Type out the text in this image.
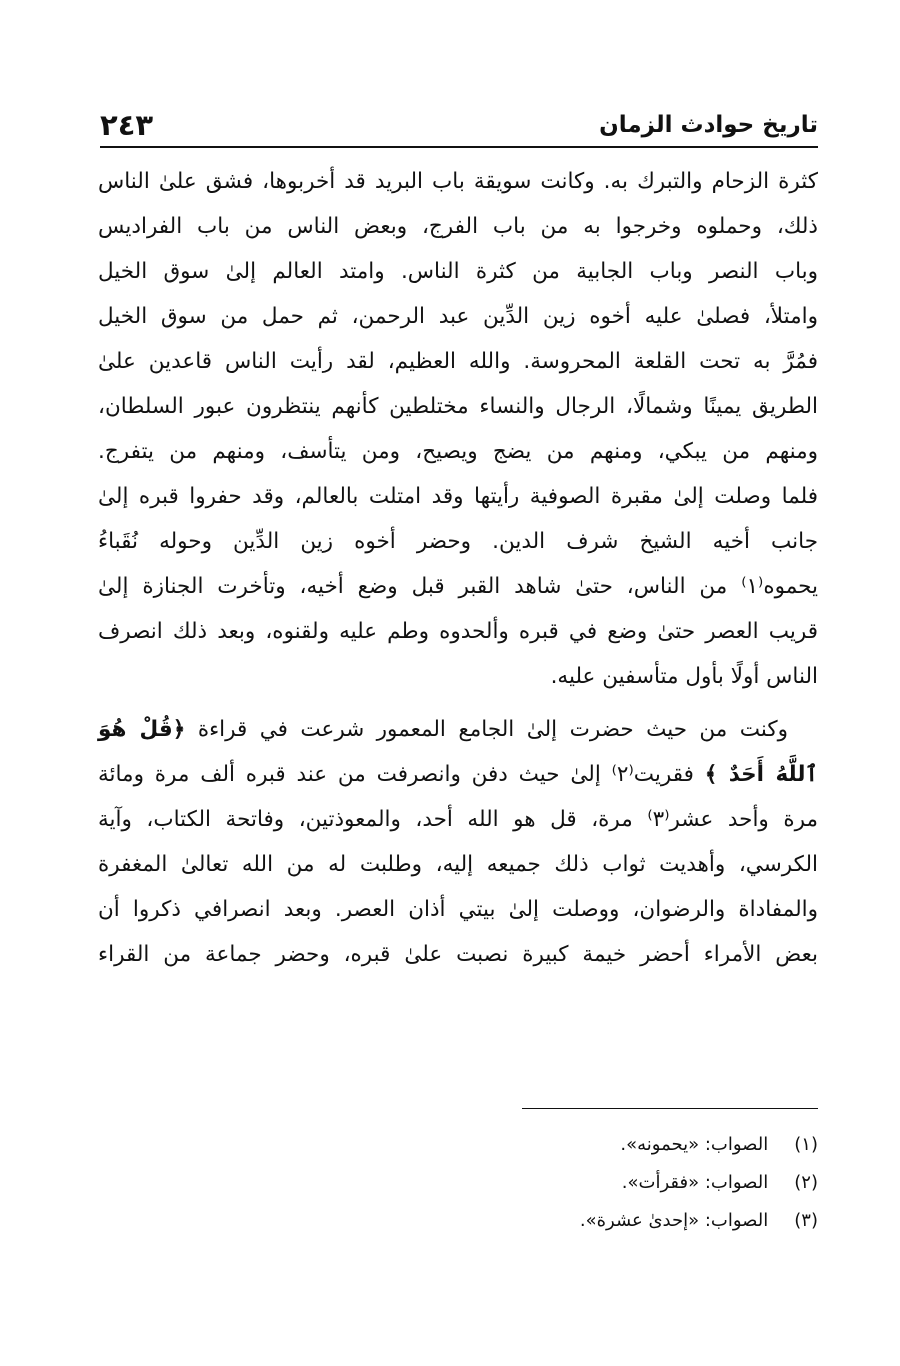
تاريخ حوادث الزمان
٢٤٣
كثرة الزحام والتبرك به. وكانت سويقة باب البريد قد أخربوها، فشق علىٰ الناس
ذلك، وحملوه وخرجوا به من باب الفرج، وبعض الناس من باب الفراديس
وباب النصر وباب الجابية من كثرة الناس. وامتد العالم إلىٰ سوق الخيل
وامتلأ، فصلىٰ عليه أخوه زين الدِّين عبد الرحمن، ثم حمل من سوق الخيل
فمُرَّ به تحت القلعة المحروسة. والله العظيم، لقد رأيت الناس قاعدين علىٰ
الطريق يمينًا وشمالًا، الرجال والنساء مختلطين كأنهم ينتظرون عبور السلطان،
ومنهم من يبكي، ومنهم من يضج ويصيح، ومن يتأسف، ومنهم من يتفرج.
فلما وصلت إلىٰ مقبرة الصوفية رأيتها وقد امتلت بالعالم، وقد حفروا قبره إلىٰ
جانب أخيه الشيخ شرف الدين. وحضر أخوه زين الدِّين وحوله نُقَباءُ
يحموه⁽١⁾ من الناس، حتىٰ شاهد القبر قبل وضع أخيه، وتأخرت الجنازة إلىٰ
قريب العصر حتىٰ وضع في قبره وألحدوه وطم عليه ولقنوه، وبعد ذلك انصرف
الناس أولًا بأول متأسفين عليه.
وكنت من حيث حضرت إلىٰ الجامع المعمور شرعت في قراءة ﴿قُلْ هُوَ
ٱللَّهُ أَحَدٌ ﴾ فقريت⁽٢⁾ إلىٰ حيث دفن وانصرفت من عند قبره ألف مرة ومائة
مرة وأحد عشر⁽٣⁾ مرة، قل هو الله أحد، والمعوذتين، وفاتحة الكتاب، وآية
الكرسي، وأهديت ثواب ذلك جميعه إليه، وطلبت له من الله تعالىٰ المغفرة
والمفاداة والرضوان، ووصلت إلىٰ بيتي أذان العصر. وبعد انصرافي ذكروا أن
بعض الأمراء أحضر خيمة كبيرة نصبت علىٰ قبره، وحضر جماعة من القراء
(١) الصواب: «يحمونه».
(٢) الصواب: «فقرأت».
(٣) الصواب: «إحدىٰ عشرة».
